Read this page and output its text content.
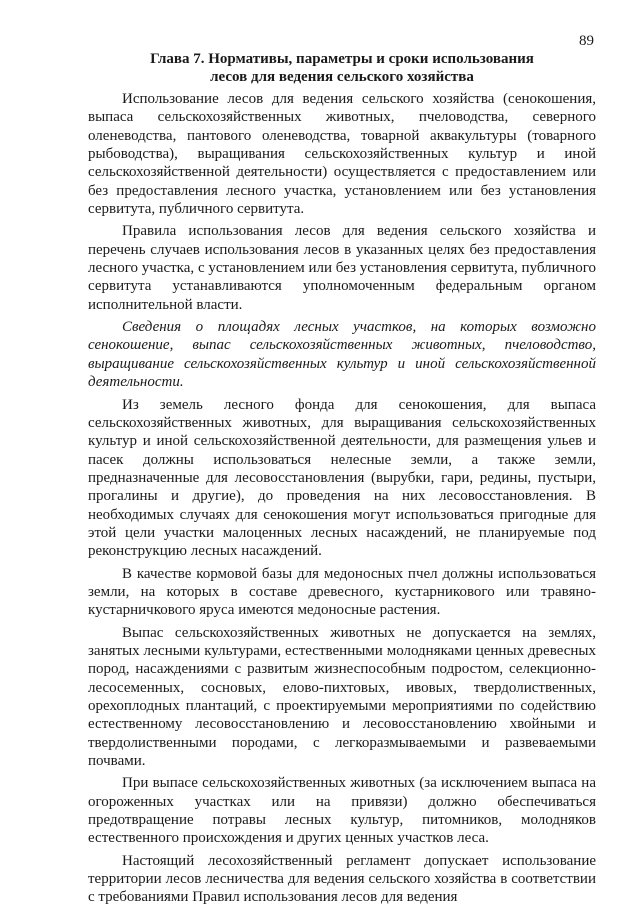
89
Глава 7. Нормативы, параметры и сроки использования
лесов для ведения сельского хозяйства

Использование лесов для ведения сельского хозяйства (сенокошения, выпаса сельскохозяйственных животных, пчеловодства, северного оленеводства, пантового оленеводства, товарной аквакультуры (товарного рыбоводства), выращивания сельскохозяйственных культур и иной сельскохозяйственной деятельности) осуществляется с предоставлением или без предоставления лесного участка, установлением или без установления сервитута, публичного сервитута.

Правила использования лесов для ведения сельского хозяйства и перечень случаев использования лесов в указанных целях без предоставления лесного участка, с установлением или без установления сервитута, публичного сервитута устанавливаются уполномоченным федеральным органом исполнительной власти.

Сведения о площадях лесных участков, на которых возможно сенокошение, выпас сельскохозяйственных животных, пчеловодство, выращивание сельскохозяйственных культур и иной сельскохозяйственной деятельности.

Из земель лесного фонда для сенокошения, для выпаса сельскохозяйственных животных, для выращивания сельскохозяйственных культур и иной сельскохозяйственной деятельности, для размещения ульев и пасек должны использоваться нелесные земли, а также земли, предназначенные для лесовосстановления (вырубки, гари, редины, пустыри, прогалины и другие), до проведения на них лесовосстановления. В необходимых случаях для сенокошения могут использоваться пригодные для этой цели участки малоценных лесных насаждений, не планируемые под реконструкцию лесных насаждений.

В качестве кормовой базы для медоносных пчел должны использоваться земли, на которых в составе древесного, кустарникового или травяно-кустарничкового яруса имеются медоносные растения.

Выпас сельскохозяйственных животных не допускается на землях, занятых лесными культурами, естественными молодняками ценных древесных пород, насаждениями с развитым жизнеспособным подростом, селекционно-лесосеменных, сосновых, елово-пихтовых, ивовых, твердолиственных, орехоплодных плантаций, с проектируемыми мероприятиями по содействию естественному лесовосстановлению и лесовосстановлению хвойными и твердолиственными породами, с легкоразмываемыми и развеваемыми почвами.

При выпасе сельскохозяйственных животных (за исключением выпаса на огороженных участках или на привязи) должно обеспечиваться предотвращение потравы лесных культур, питомников, молодняков естественного происхождения и других ценных участков леса.

Настоящий лесохозяйственный регламент допускает использование территории лесов лесничества для ведения сельского хозяйства в соответствии с требованиями Правил использования лесов для ведения
